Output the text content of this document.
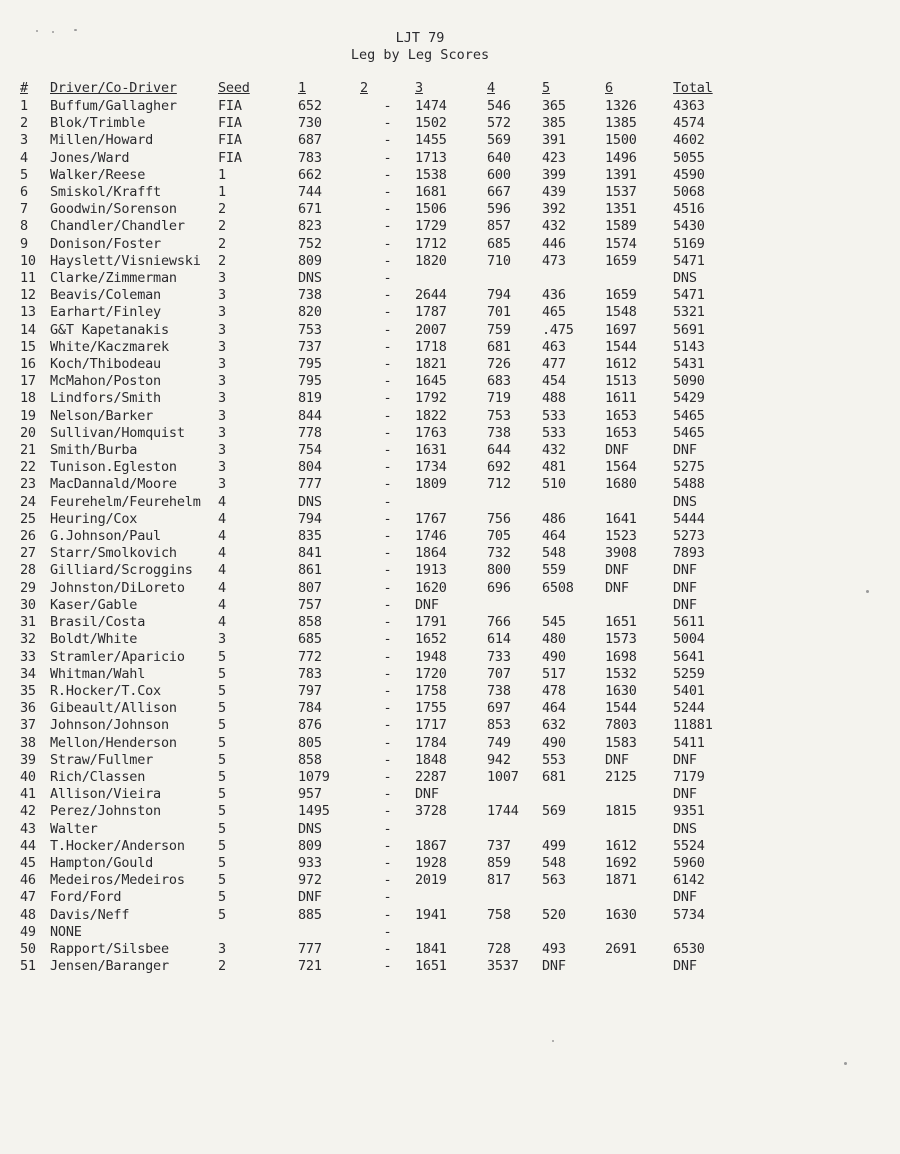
LJT 79
Leg by Leg Scores
#	Driver/Co-Driver	Seed	1	2	3	4	5	6	Total
1	Buffum/Gallagher	FIA	652	-	1474	546	365	1326	4363
2	Blok/Trimble	FIA	730	-	1502	572	385	1385	4574
3	Millen/Howard	FIA	687	-	1455	569	391	1500	4602
4	Jones/Ward	FIA	783	-	1713	640	423	1496	5055
5	Walker/Reese	1	662	-	1538	600	399	1391	4590
6	Smiskol/Krafft	1	744	-	1681	667	439	1537	5068
7	Goodwin/Sorenson	2	671	-	1506	596	392	1351	4516
8	Chandler/Chandler	2	823	-	1729	857	432	1589	5430
9	Donison/Foster	2	752	-	1712	685	446	1574	5169
10	Hayslett/Visniewski	2	809	-	1820	710	473	1659	5471
11	Clarke/Zimmerman	3	DNS	-					DNS
12	Beavis/Coleman	3	738	-	2644	794	436	1659	5471
13	Earhart/Finley	3	820	-	1787	701	465	1548	5321
14	G&T Kapetanakis	3	753	-	2007	759	.475	1697	5691
15	White/Kaczmarek	3	737	-	1718	681	463	1544	5143
16	Koch/Thibodeau	3	795	-	1821	726	477	1612	5431
17	McMahon/Poston	3	795	-	1645	683	454	1513	5090
18	Lindfors/Smith	3	819	-	1792	719	488	1611	5429
19	Nelson/Barker	3	844	-	1822	753	533	1653	5465
20	Sullivan/Homquist	3	778	-	1763	738	533	1653	5465
21	Smith/Burba	3	754	-	1631	644	432	DNF	DNF
22	Tunison.Egleston	3	804	-	1734	692	481	1564	5275
23	MacDannald/Moore	3	777	-	1809	712	510	1680	5488
24	Feurehelm/Feurehelm	4	DNS	-					DNS
25	Heuring/Cox	4	794	-	1767	756	486	1641	5444
26	G.Johnson/Paul	4	835	-	1746	705	464	1523	5273
27	Starr/Smolkovich	4	841	-	1864	732	548	3908	7893
28	Gilliard/Scroggins	4	861	-	1913	800	559	DNF	DNF
29	Johnston/DiLoreto	4	807	-	1620	696	6508	DNF	DNF
30	Kaser/Gable	4	757	-	DNF				DNF
31	Brasil/Costa	4	858	-	1791	766	545	1651	5611
32	Boldt/White	3	685	-	1652	614	480	1573	5004
33	Stramler/Aparicio	5	772	-	1948	733	490	1698	5641
34	Whitman/Wahl	5	783	-	1720	707	517	1532	5259
35	R.Hocker/T.Cox	5	797	-	1758	738	478	1630	5401
36	Gibeault/Allison	5	784	-	1755	697	464	1544	5244
37	Johnson/Johnson	5	876	-	1717	853	632	7803	11881
38	Mellon/Henderson	5	805	-	1784	749	490	1583	5411
39	Straw/Fullmer	5	858	-	1848	942	553	DNF	DNF
40	Rich/Classen	5	1079	-	2287	1007	681	2125	7179
41	Allison/Vieira	5	957	-	DNF				DNF
42	Perez/Johnston	5	1495	-	3728	1744	569	1815	9351
43	Walter	5	DNS	-					DNS
44	T.Hocker/Anderson	5	809	-	1867	737	499	1612	5524
45	Hampton/Gould	5	933	-	1928	859	548	1692	5960
46	Medeiros/Medeiros	5	972	-	2019	817	563	1871	6142
47	Ford/Ford	5	DNF	-					DNF
48	Davis/Neff	5	885	-	1941	758	520	1630	5734
49	NONE			-					
50	Rapport/Silsbee	3	777	-	1841	728	493	2691	6530
51	Jensen/Baranger	2	721	-	1651	3537	DNF		DNF
